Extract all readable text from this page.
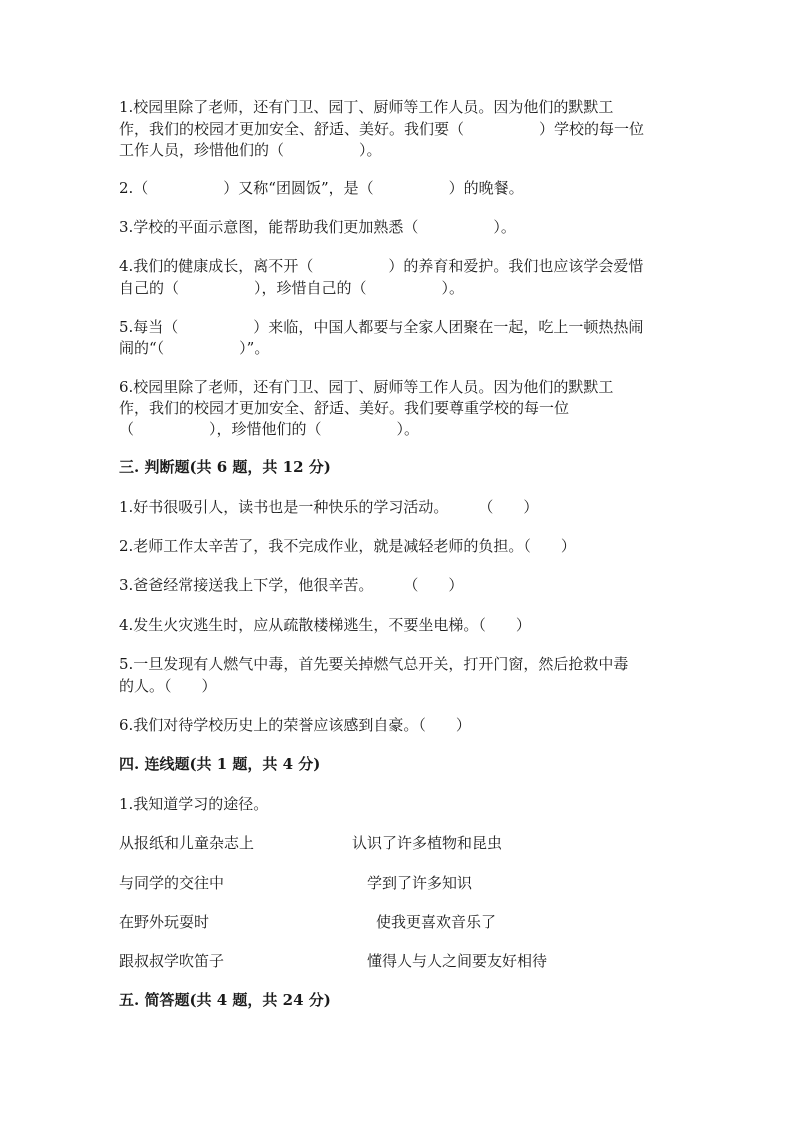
1.校园里除了老师，还有门卫、园丁、厨师等工作人员。因为他们的默默工
作，我们的校园才更加安全、舒适、美好。我们要（　　　　　）学校的每一位
工作人员，珍惜他们的（　　　　　）。
2.（　　　　　）又称“团圆饭”，是（　　　　　）的晚餐。
3.学校的平面示意图，能帮助我们更加熟悉（　　　　　）。
4.我们的健康成长，离不开（　　　　　）的养育和爱护。我们也应该学会爱惜
自己的（　　　　　），珍惜自己的（　　　　　）。
5.每当（　　　　　）来临，中国人都要与全家人团聚在一起，吃上一顿热热闹
闹的“（　　　　　）”。
6.校园里除了老师，还有门卫、园丁、厨师等工作人员。因为他们的默默工
作，我们的校园才更加安全、舒适、美好。我们要尊重学校的每一位
（　　　　　），珍惜他们的（　　　　　）。
三. 判断题(共 6 题，共 12 分)
1.好书很吸引人，读书也是一种快乐的学习活动。　　　（　　）
2.老师工作太辛苦了，我不完成作业，就是减轻老师的负担。（　　）
3.爸爸经常接送我上下学，他很辛苦。　　　（　　）
4.发生火灾逃生时，应从疏散楼梯逃生，不要坐电梯。（　　）
5.一旦发现有人燃气中毒，首先要关掉燃气总开关，打开门窗，然后抢救中毒
的人。（　　）
6.我们对待学校历史上的荣誉应该感到自豪。（　　）
四. 连线题(共 1 题，共 4 分)
1.我知道学习的途径。
从报纸和儿童杂志上	认识了许多植物和昆虫
与同学的交往中	学到了许多知识
在野外玩耍时	使我更喜欢音乐了
跟叔叔学吹笛子	懂得人与人之间要友好相待
五. 简答题(共 4 题，共 24 分)
